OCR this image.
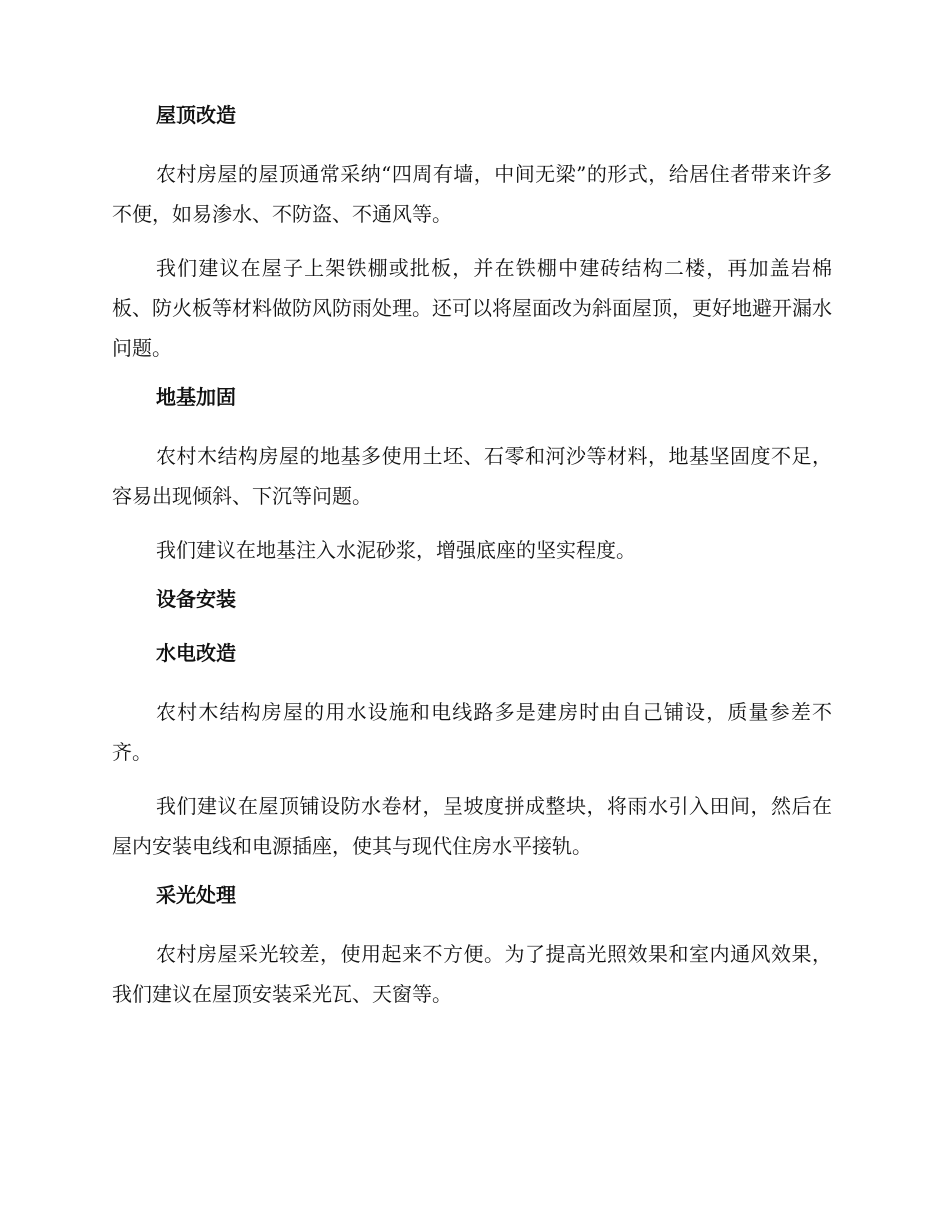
屋顶改造

农村房屋的屋顶通常采纳“四周有墙，中间无梁”的形式，给居住者带来许多不便，如易渗水、不防盗、不通风等。

我们建议在屋子上架铁棚或批板，并在铁棚中建砖结构二楼，再加盖岩棉板、防火板等材料做防风防雨处理。还可以将屋面改为斜面屋顶，更好地避开漏水问题。

地基加固

农村木结构房屋的地基多使用土坯、石零和河沙等材料，地基坚固度不足，容易出现倾斜、下沉等问题。

我们建议在地基注入水泥砂浆，增强底座的坚实程度。

设备安装
水电改造

农村木结构房屋的用水设施和电线路多是建房时由自己铺设，质量参差不齐。

我们建议在屋顶铺设防水卷材，呈坡度拼成整块，将雨水引入田间，然后在屋内安装电线和电源插座，使其与现代住房水平接轨。

采光处理

农村房屋采光较差，使用起来不方便。为了提高光照效果和室内通风效果，我们建议在屋顶安装采光瓦、天窗等。
